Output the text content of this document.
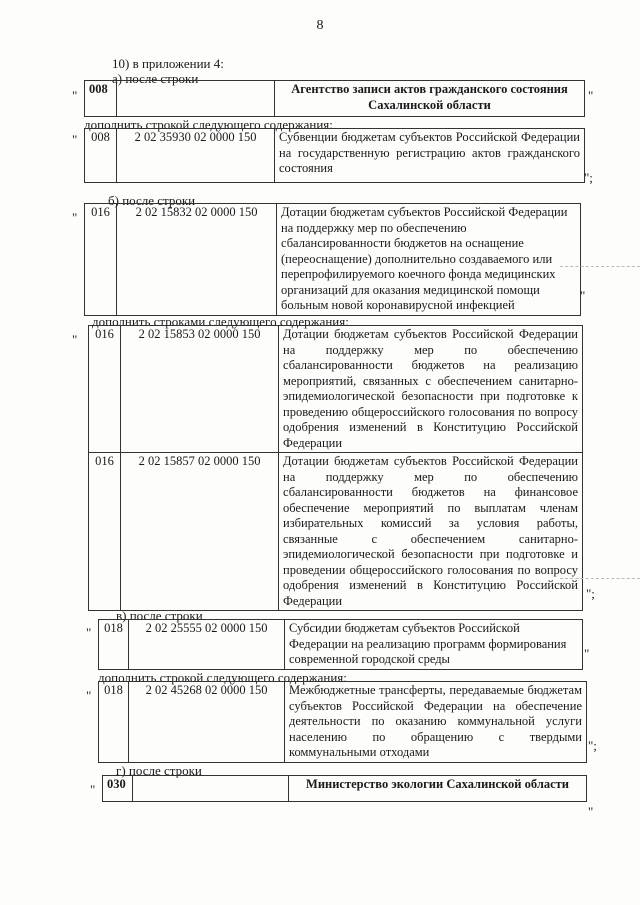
8
10) в приложении 4:
а) после строки
" 008		Агентство записи актов гражданского состояния Сахалинской области
"
дополнить строкой следующего содержания:
" 008	2 02 35930 02 0000 150	Субвенции бюджетам субъектов Российской Федерации на государственную регистрацию актов гражданского состояния
";
б) после строки
" 016	2 02 15832 02 0000 150	Дотации бюджетам субъектов Российской Федерации на поддержку мер по обеспечению сбалансированности бюджетов на оснащение (переоснащение) дополнительно создаваемого или перепрофилируемого коечного фонда медицинских организаций для оказания медицинской помощи больным новой коронавирусной инфекцией
"
дополнить строками следующего содержания:
" 016	2 02 15853 02 0000 150	Дотации бюджетам субъектов Российской Федерации на поддержку мер по обеспечению сбалансированности бюджетов на реализацию мероприятий, связанных с обеспечением санитарно-эпидемиологической безопасности при подготовке к проведению общероссийского голосования по вопросу одобрения изменений в Конституцию Российской Федерации
016	2 02 15857 02 0000 150	Дотации бюджетам субъектов Российской Федерации на поддержку мер по обеспечению сбалансированности бюджетов на финансовое обеспечение мероприятий по выплатам членам избирательных комиссий за условия работы, связанные с обеспечением санитарно-эпидемиологической безопасности при подготовке и проведении общероссийского голосования по вопросу одобрения изменений в Конституцию Российской Федерации	";
в) после строки
" 018	2 02 25555 02 0000 150	Субсидии бюджетам субъектов Российской Федерации на реализацию программ формирования современной городской среды	"
дополнить строкой следующего содержания:
" 018	2 02 45268 02 0000 150	Межбюджетные трансферты, передаваемые бюджетам субъектов Российской Федерации на обеспечение деятельности по оказанию коммунальной услуги населению по обращению с твердыми коммунальными отходами	";
г) после строки
" 030		Министерство экологии Сахалинской области
"
